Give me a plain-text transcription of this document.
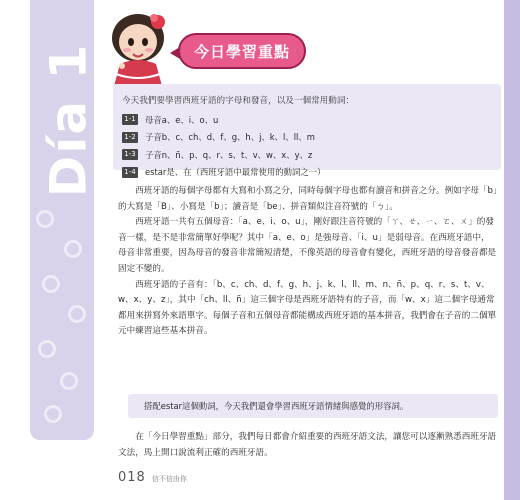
Día 1	今日學習重點
今天我們要學習西班牙語的字母和發音，以及一個常用動詞：
1-1 母音a、e、i、o、u
1-2 子音b、c、ch、d、f、g、h、j、k、l、ll、m
1-3 子音n、ñ、p、q、r、s、t、v、w、x、y、z
1-4 estar是、在（西班牙語中最常使用的動詞之一）

西班牙語的每個字母都有大寫和小寫之分，同時每個字母也都有讀音和拼音之分。例如字母「b」的大寫是「B」、小寫是「b」；讀音是「be」、拼音類似注音符號的「ㄅ」。

西班牙語一共有五個母音：「a、e、i、o、u」，剛好跟注音符號的「ㄚ、ㄝ、ㄧ、ㄛ、ㄨ」的發音一樣，是不是非常簡單好學呢？其中「a、e、o」是強母音、「i、u」是弱母音。在西班牙語中，母音非常重要，因為母音的發音非常簡短清楚，不像英語的母音會有變化，西班牙語的母音發音都是固定不變的。

西班牙語的子音有：「b、c、ch、d、f、g、h、j、k、l、ll、m、n、ñ、p、q、r、s、t、v、w、x、y、z」，其中「ch、ll、ñ」這三個字母是西班牙語特有的子音，而「w、x」這二個字母通常都用來拼寫外來語單字。每個子音和五個母音都能構成西班牙語的基本拼音，我們會在子音的二個單元中練習這些基本拼音。

搭配estar這個動詞，今天我們還會學習西班牙語情緒與感覺的形容詞。

在「今日學習重點」部分，我們每日都會介紹重要的西班牙語文法，讓您可以逐漸熟悉西班牙語文法，馬上開口說流利正確的西班牙語。

018 信不信由你
